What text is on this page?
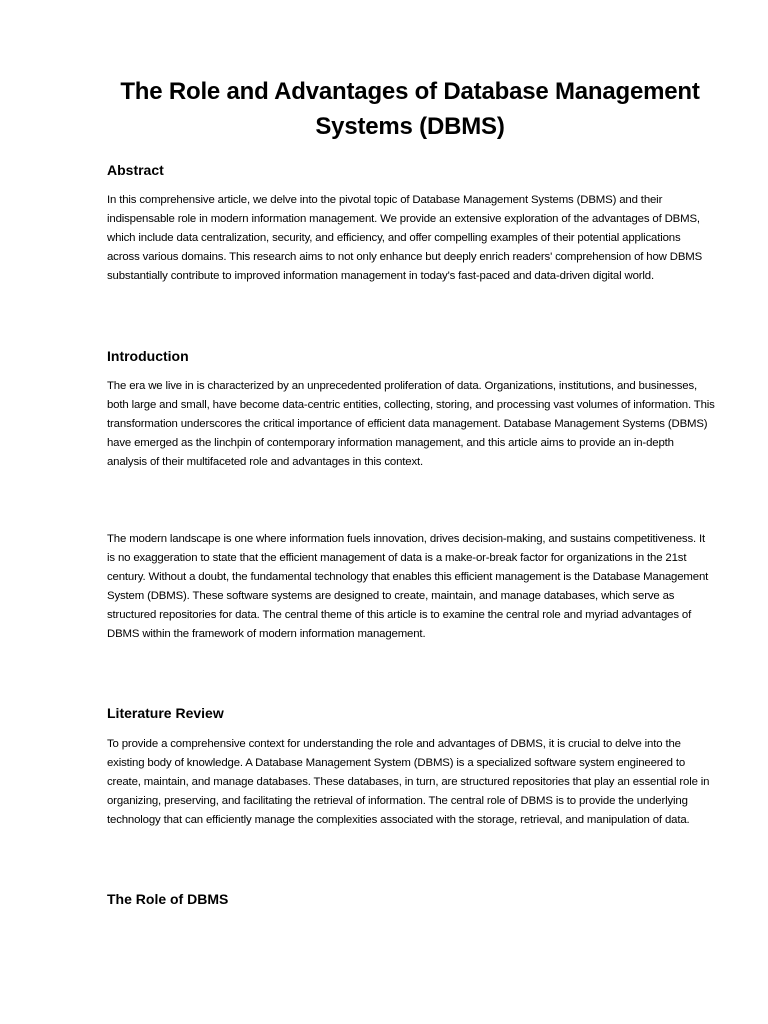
The Role and Advantages of Database Management Systems (DBMS)
Abstract

In this comprehensive article, we delve into the pivotal topic of Database Management Systems (DBMS) and their indispensable role in modern information management. We provide an extensive exploration of the advantages of DBMS, which include data centralization, security, and efficiency, and offer compelling examples of their potential applications across various domains. This research aims to not only enhance but deeply enrich readers' comprehension of how DBMS substantially contribute to improved information management in today's fast-paced and data-driven digital world.

Introduction

The era we live in is characterized by an unprecedented proliferation of data. Organizations, institutions, and businesses, both large and small, have become data-centric entities, collecting, storing, and processing vast volumes of information. This transformation underscores the critical importance of efficient data management. Database Management Systems (DBMS) have emerged as the linchpin of contemporary information management, and this article aims to provide an in-depth analysis of their multifaceted role and advantages in this context.

The modern landscape is one where information fuels innovation, drives decision-making, and sustains competitiveness. It is no exaggeration to state that the efficient management of data is a make-or-break factor for organizations in the 21st century. Without a doubt, the fundamental technology that enables this efficient management is the Database Management System (DBMS). These software systems are designed to create, maintain, and manage databases, which serve as structured repositories for data. The central theme of this article is to examine the central role and myriad advantages of DBMS within the framework of modern information management.

Literature Review

To provide a comprehensive context for understanding the role and advantages of DBMS, it is crucial to delve into the existing body of knowledge. A Database Management System (DBMS) is a specialized software system engineered to create, maintain, and manage databases. These databases, in turn, are structured repositories that play an essential role in organizing, preserving, and facilitating the retrieval of information. The central role of DBMS is to provide the underlying technology that can efficiently manage the complexities associated with the storage, retrieval, and manipulation of data.

The Role of DBMS
